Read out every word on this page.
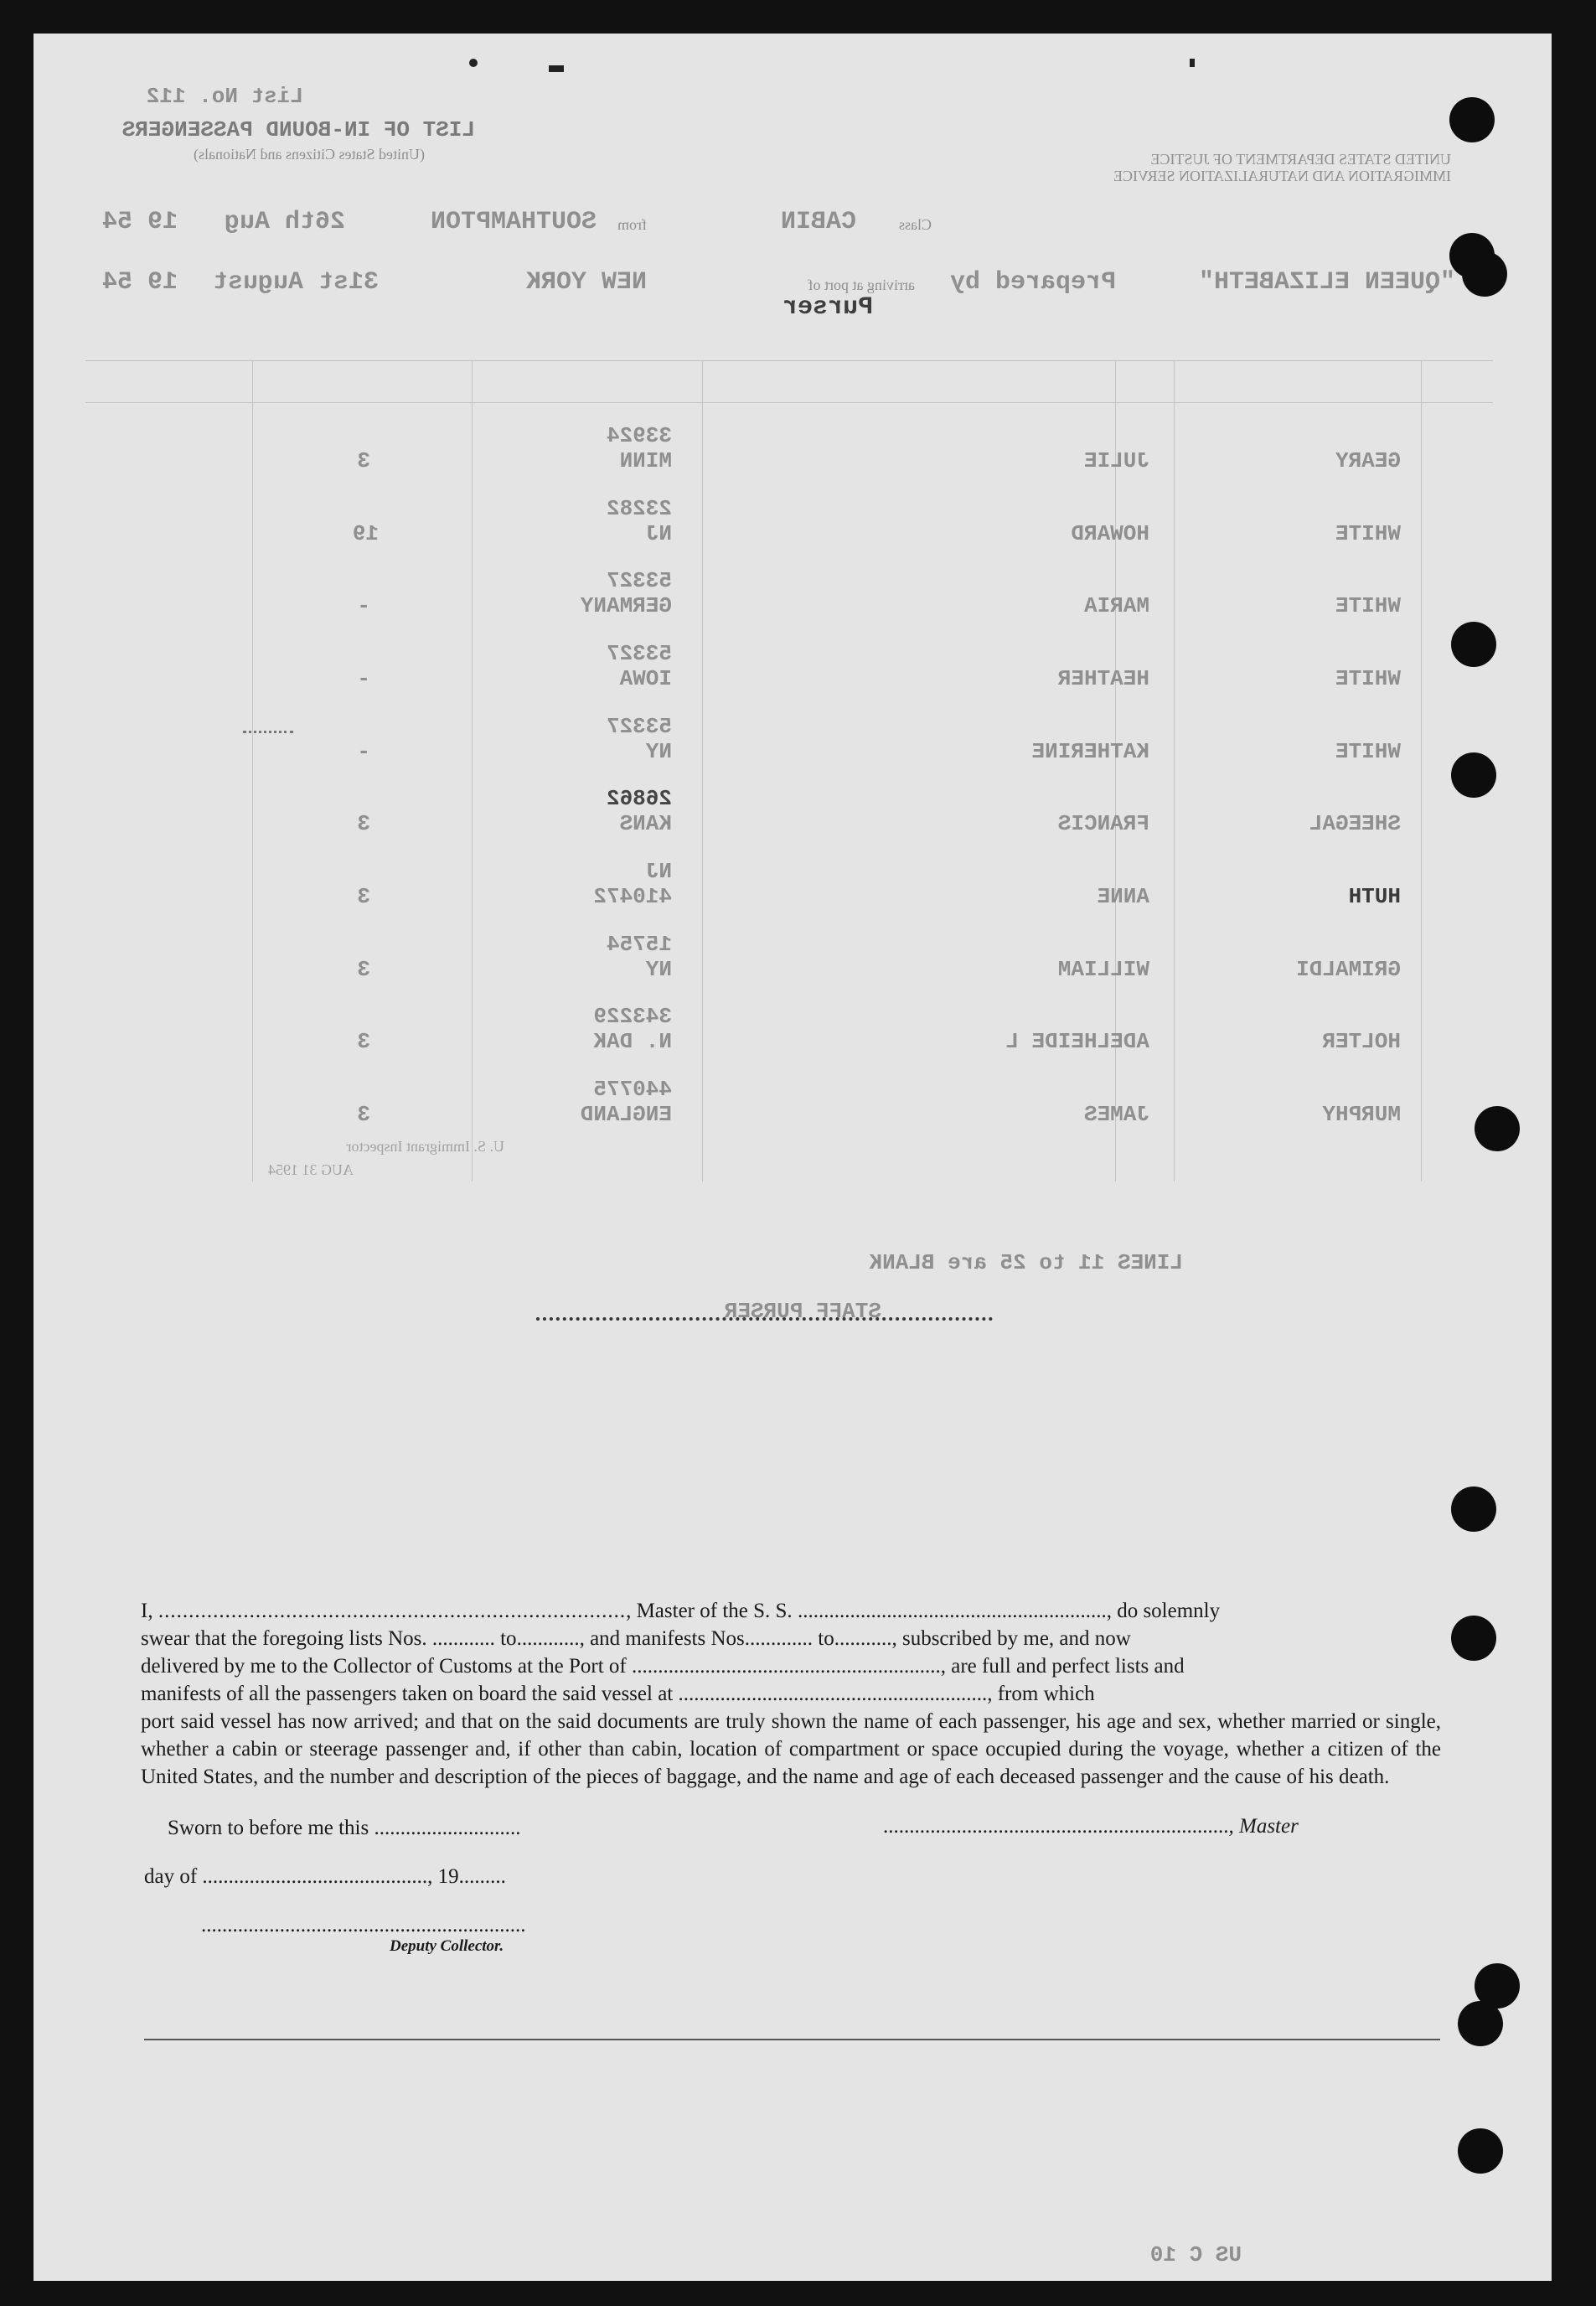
List No. 112
LIST OF IN-BOUND PASSENGERS
(United States Citizens and Nationals)	UNITED STATES DEPARTMENT OF JUSTICE
IMMIGRATION AND NATURALIZATION SERVICE
Class
CABIN
from
SOUTHAMPTON
26th Aug
19 54
"QUEEN ELIZABETH"
Prepared by
Purser
arriving at port of
NEW YORK
31st August
19 54
GEARY
JULIE
33924
MINN
3
WHITE
HOWARD
23282
NJ
19
WHITE
MARIA
53327
GERMANY
-
WHITE
HEATHER
53327
IOWA
-
WHITE
KATHERINE
53327
NY
-
SHEEGAL
FRANCIS
26862
KANS
3
HUTH
ANNE
NJ
410472
3
GRIMALDI
WILLIAM
15754
NY
3
HOLTER
ADELHEIDE L
343229
N. DAK
3
MURPHY
JAMES
440775
ENGLAND
3
U. S. Immigrant Inspector
AUG 31 1954
LINES 11 to 25 are BLANK
STAFF PURSER
US C 10

I, ............................................................................., Master of the S. S. ..........................................................., do solemnly

swear that the foregoing lists Nos. ............ to............, and manifests Nos............. to..........., subscribed by me, and now

delivered by me to the Collector of Customs at the Port of ..........................................................., are full and perfect lists and

manifests of all the passengers taken on board the said vessel at ..........................................................., from which

port said vessel has now arrived; and that on the said documents are truly shown the name of each passenger, his age and sex, whether married or single, whether a cabin or steerage passenger and, if other than cabin, location of compartment or space occupied during the voyage, whether a citizen of the United States, and the number and description of the pieces of baggage, and the name and age of each deceased passenger and the cause of his death.

Sworn to before me this ............................	.................................................................., Master
day of ..........................................., 19.........
..............................................................
Deputy Collector.
